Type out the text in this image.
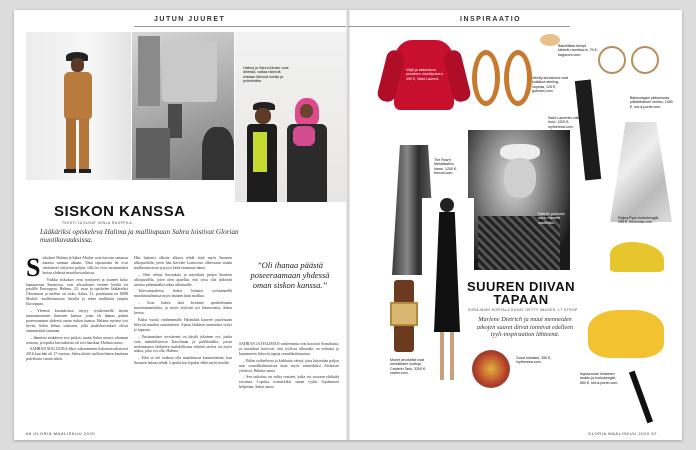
JUTUN JUURET
Halima ja Sahra Aboker ovat läheisiä, vaikka riskeviä toisiaan lähinnä lomilla ja puhelimitse.
SISKON KANSSA
TEKSTI JA KUVAT VENLA RUOPPILA
Lääkäriksi opiskeleva Halima ja mallitupaan Sahra loistivat Glorian muotikuvauksissa.

Siskokset Halima ja Sahra Aboker ovat harvoin samassa maassa samaan aikaan. Tänä tapaamista he ovat odottaneet erityisen paljon, sillä he ovat ensimmäistä kertaa yhdessä muotikuvauksissa.

Vuikka siskokset ovat syntyneet ja asuneet koko lapsuutensa Suomessa, ovat aiksuilaiset vieneet heidät eri puolille Eurooppaa. Halima, 23, asuu ja opiskelee lääkäreiksi Ukrainassa ja mieliin on sisko, Sahra, 21, puolestaan on IMM Models -mallitoimiston listoilla ja tekee mallitöitä ympäri Eurooppaa.

– Yleensä kuvauksissa täytyy työskennellä täysin tuntemattomien ihmisten kanssa, joten oli ihanaa päästä poseeraamaan yhdessä oman siskon kanssa. Halima myönsi tosi hyvin, Sahra kehuu siskoaan, jolla studiokuvaukset olivat ensimmäiset laatuaan.

– Jännittin etukäteen tosi paljon, mutta Sahra neuvoi olemaan rentona, ja lopulta kuvauksissa oli tosi hauskaa, Halima sanoo.

SAHRAN MALLIURA alkoi vakavammin kokonaisvaltaisesti 2016 kun hän oli 17-vuotias, Sahra aloitti tuolloin hänen kauttaan palvelusta vuotta sitten.

Hän haluaisi alkoita alkaen tehdä töitä myös Suomen ulkopuolella, joten hän kävelee Lontoossa olleessaan sisään mallitoimistoon ja pyysi heitä ottamaan hänet.

– Olen tehnyt kuvauksia ja näytöksiä paljon Suomen ulkopuolella, joten olen ajatellut, että voisi olla järkevää asettua pidemmäksi aikaa ulkomaille.

Tulevaisuudessa Sahra haluaisi työskennellä muotimaailmassa myös muuten kuin mallina.

– Aion hakea tänä keväänä opiskelemaan muotisuunnittelua, ja myös stylistin työ kiinnostaisi, Sahra kertoo.

Kaksi vuotta vanhemmalla Halimalla haaveet puolestaan liittyvät muiden auttamiseen. Ajatus lääkärin ammatista syttyi jo lapsena.

– Ensimmäiset tavoitteeni on käydä jokainen ovi, jonka vain mahdollistavat Karoliinan ja poliklinikka, joissa molemmissa lääkärien mahdollisuus edistää oireita tai myös uskoa, joka voi olla. Halima

– Eikä se ole vaikeaa olla maailmassa kunnioitetuin, kun Suomen haluaa tehdä. Lopulta kai lopuksi ehkä myös maalle.

”Oli ihanaa päästä poseeraamaan yhdessä oman siskon kanssa.”

SAHRAN JA HALIMAN vanhemmat ovat kotoisin Somaliasta, ja sisarukset kertovat, että tyylissä ulkonäkö on erilaisia ja kauneuteen liittyviä tapoja somalikulttuurissa.

– Pidän vaihtelevaa ja kirkkaita värejä, joita käytetään paljon niin somalikulttuurissa kuin myös esimerkiksi Afrikassa yleisesti, Halima sanoo.

– Sen tarkoitus on valita vaatteet, jotka voi suoraan yhdistää toisiinsa. Lopulta esimerkiksi oman tyylin löytäminen helpottaa, Sahra sanoo.

66 GLORIA MAALISKUU 2020
INSPIRAATIO
Väljä ja laskeutuva punainen rusettipusero, 390 €, Saint Laurent.	Infinity-korvakorut ovat kullattua sterling-hopeaa, 125 €, guerlain.com.
Bakeliitista tehdyt kiinteät rannekorut, 75 €, bagscom.com.
Saint Laurentin silkki-huivi, 1200 €, mytheresa.com.
Balenciagan pikkumusta pitkähihainen mekko, 2490 €, net-a-porter.com.
The Row'n Metallisatiini hame, 1200 €, therow.com.
Dietrich pukeutui usein miesten vaatteisiin.
Rejina Pyon korkokengät, 395 €, lovemosa.com.
SUUREN DIIVAN TAPAAN
SIIRA-MARI KORTALA KUVAT GETTY IMAGES, LT STROP
Marlene Dietrich ja muut menneiden aikojen suuret diivat toimivat edelleen tyyli-inspiraation lähteenä.
Monet arvokellot ovat henkilöiden luottoja. Cartierin Tank, 3200 €, cartier.com.
Gucci turbaani, 350 €, mytheresa.com.
Aquazzuran keltainen laukku ja korkokengät, 850 €, net-a-porter.com.
GLORIA MAALISKUU 2020 67
